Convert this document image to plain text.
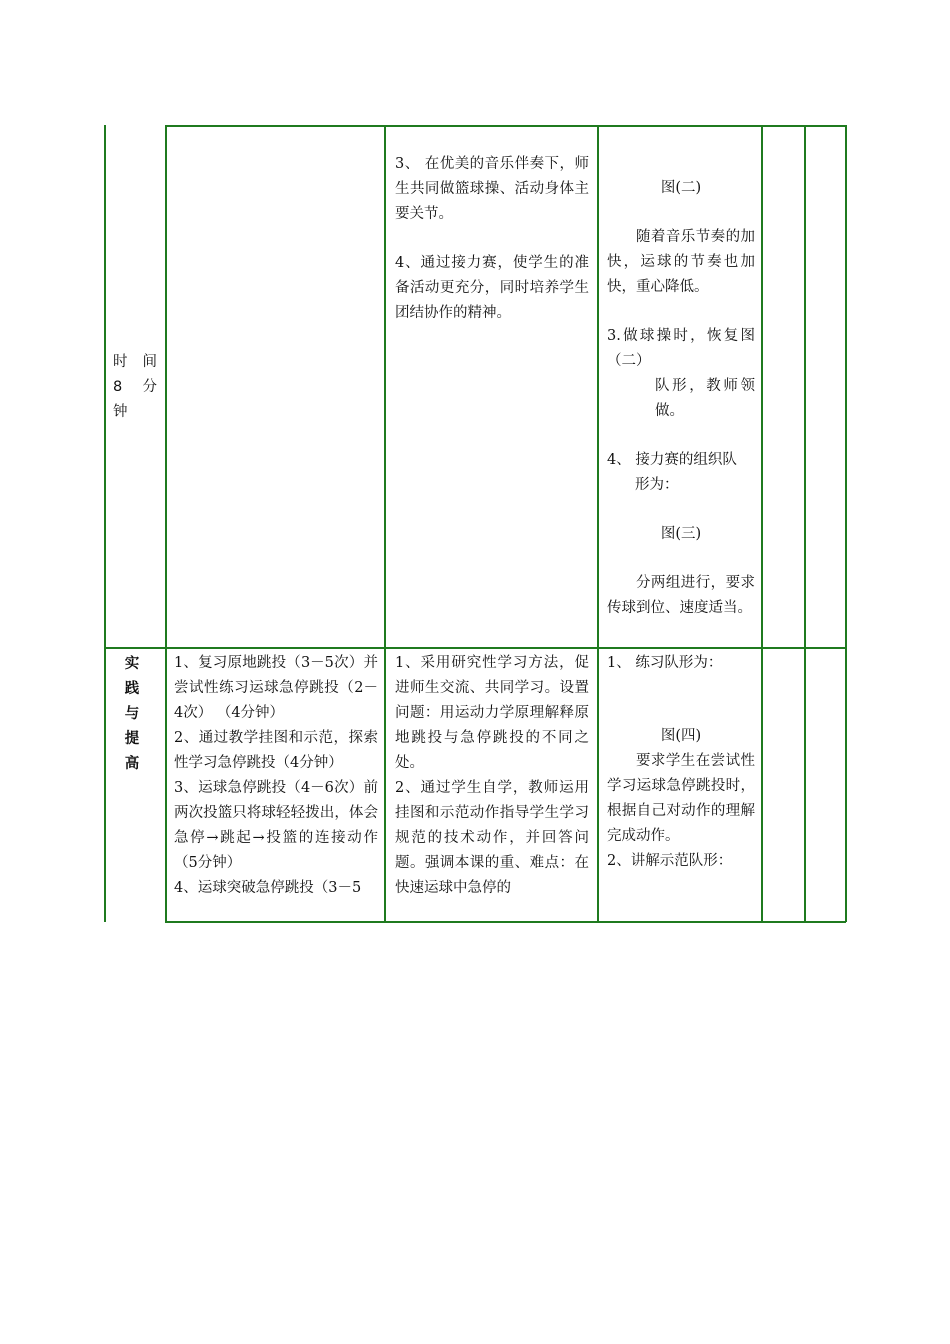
时 间
8 分
钟

3、 在优美的音乐伴奏下，师生共同做篮球操、活动身体主要关节。

4、通过接力赛，使学生的准备活动更充分，同时培养学生团结协作的精神。

图(二)

随着音乐节奏的加快，运球的节奏也加快，重心降低。

3.做球操时，恢复图（二）

队形，教师领做。

4、 接力赛的组织队

形为：

图(三)

分两组进行，要求传球到位、速度适当。

实
践
与
提
高

1、复习原地跳投（3－5次）并尝试性练习运球急停跳投（2－4次） （4分钟）

2、通过教学挂图和示范，探索性学习急停跳投（4分钟）

3、运球急停跳投（4－6次）前两次投篮只将球轻轻拨出，体会急停→跳起→投篮的连接动作 （5分钟）

4、运球突破急停跳投（3－5

1、采用研究性学习方法，促进师生交流、共同学习。设置问题：用运动力学原理解释原地跳投与急停跳投的不同之处。

2、通过学生自学，教师运用挂图和示范动作指导学生学习规范的技术动作，并回答问题。强调本课的重、难点：在快速运球中急停的

1、 练习队形为：

图(四)

要求学生在尝试性学习运球急停跳投时，根据自己对动作的理解完成动作。

2、讲解示范队形：
